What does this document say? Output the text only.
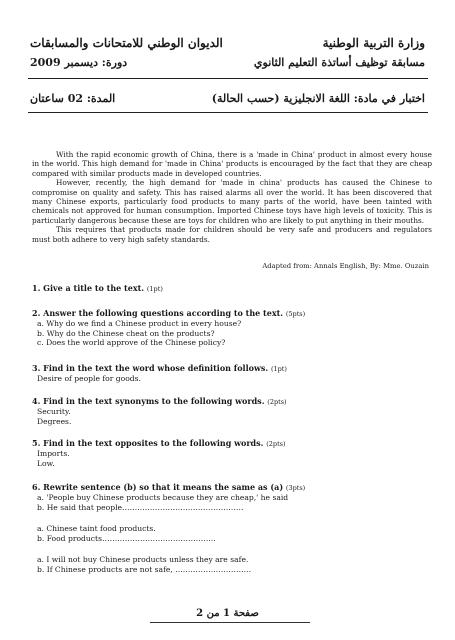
وزارة التربية الوطنية
الديوان الوطني للامتحانات والمسابقات
مسابقة توظيف أساتذة التعليم الثانوي
دورة: ديسمبر 2009
اختبار في مادة: اللغة الانجليزية (حسب الحالة)
المدة: 02 ساعتان

With the rapid economic growth of China, there is a 'made in China' product in almost every house in the world. This high demand for 'made in China' products is encouraged by the fact that they are cheap compared with similar products made in developed countries.

However, recently, the high demand for 'made in china' products has caused the Chinese to compromise on quality and safety. This has raised alarms all over the world. It has been discovered that many Chinese exports, particularly food products to many parts of the world, have been tainted with chemicals not approved for human consumption. Imported Chinese toys have high levels of toxicity. This is particularly dangerous because these are toys for children who are likely to put anything in their mouths.

This requires that products made for children should be very safe and producers and regulators must both adhere to very high safety standards.

Adapted from: Annals English, By: Mme. Ouzain
1. Give a title to the text. (1pt)
2. Answer the following questions according to the text. (5pts)
a. Why do we find a Chinese product in every house?
b. Why do the Chinese cheat on the products?
c. Does the world approve of the Chinese policy?
3. Find in the text the word whose definition follows. (1pt)
Desire of people for goods.
4. Find in the text synonyms to the following words. (2pts)
Security.
Degrees.
5. Find in the text opposites to the following words. (2pts)
Imports.
Low.
6. Rewrite sentence (b) so that it means the same as (a) (3pts)
a. 'People buy Chinese products because they are cheap,' he said
b. He said that people…………………………………………
a. Chinese taint food products.
b. Food products………………………………………
a. I will not buy Chinese products unless they are safe.
b. If Chinese products are not safe, …………………………
صفحة 1 من 2
